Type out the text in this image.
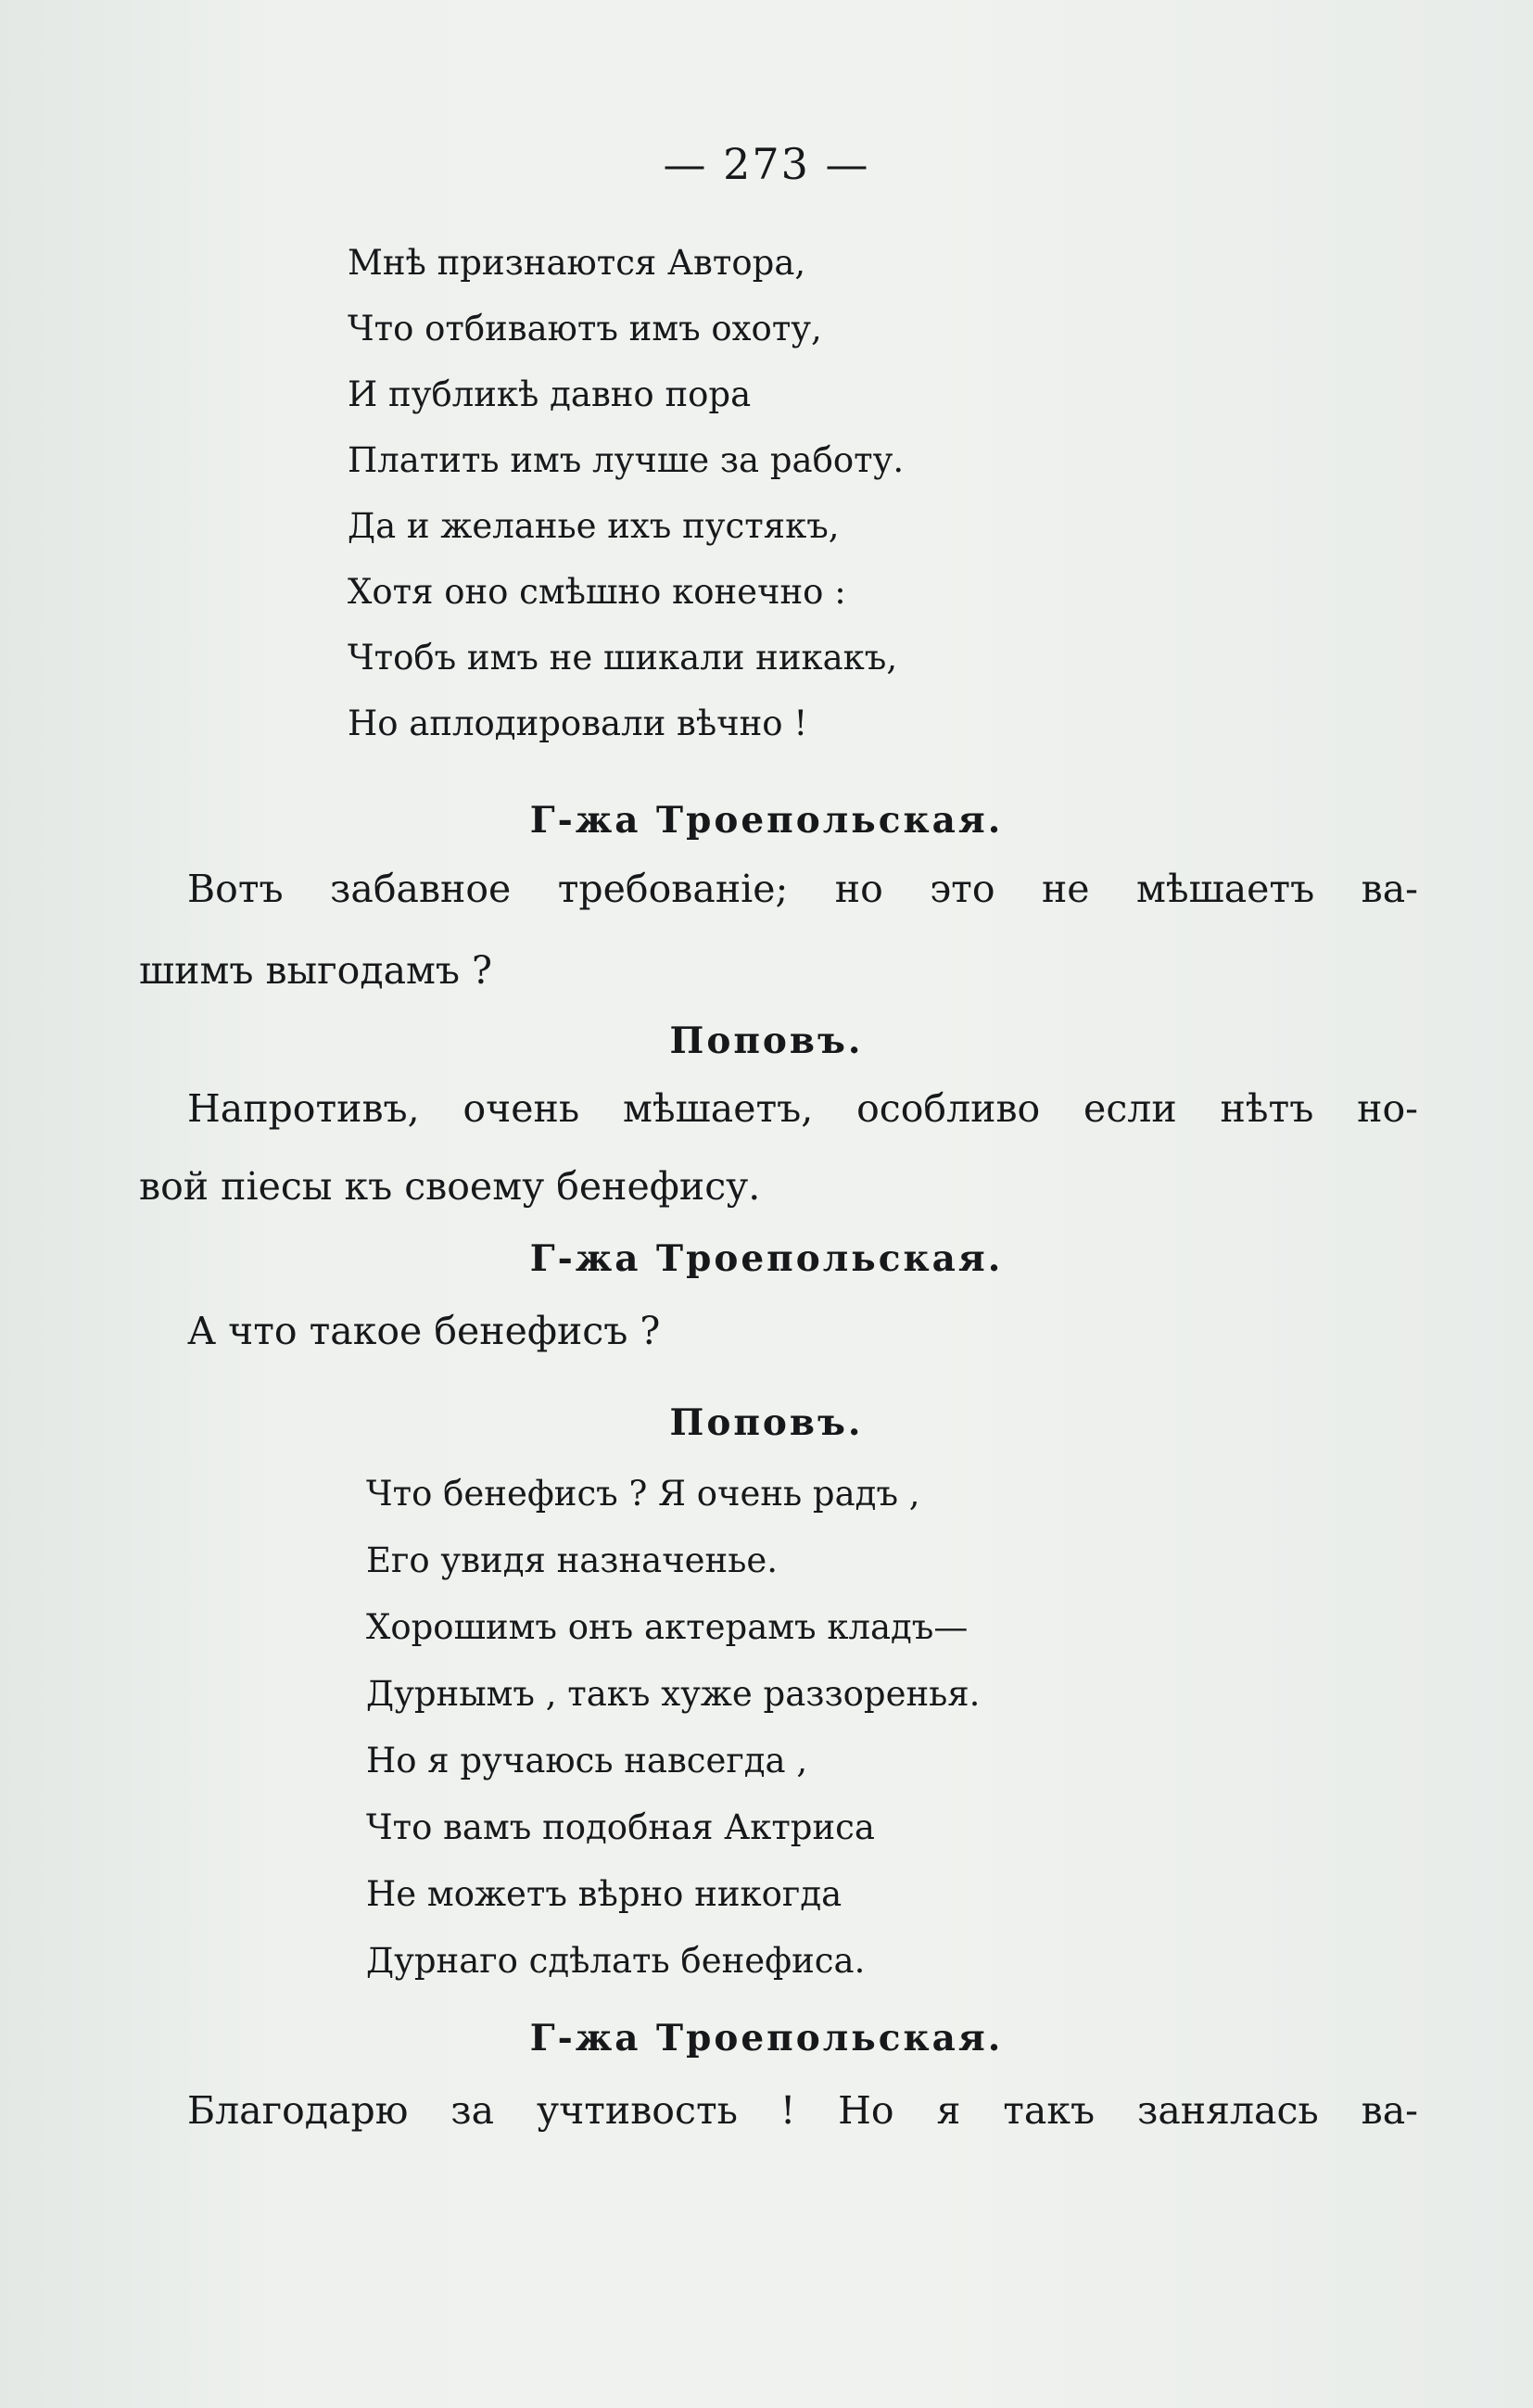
— 273 —
Мнѣ признаются Автора,
Что отбиваютъ имъ охоту,
И публикѣ давно пора
Платить имъ лучше за работу.
Да и желанье ихъ пустякъ,
Хотя оно смѣшно конечно :
Чтобъ имъ не шикали никакъ,
Но аплодировали вѣчно !
Г-жа Троепольская.
Вотъ забавное требованіе; но это не мѣшаетъ ва-
шимъ выгодамъ ?
Поповъ.
Напротивъ, очень мѣшаетъ, особливо если нѣтъ но-
вой піесы къ своему бенефису.
Г-жа Троепольская.
А что такое бенефисъ ?
Поповъ.
Что бенефисъ ? Я очень радъ ,
Его увидя назначенье.
Хорошимъ онъ актерамъ кладъ—
Дурнымъ , такъ хуже раззоренья.
Но я ручаюсь навсегда ,
Что вамъ подобная Актриса
Не можетъ вѣрно никогда
Дурнаго сдѣлать бенефиса.
Г-жа Троепольская.
Благодарю за учтивость ! Но я такъ занялась ва-
